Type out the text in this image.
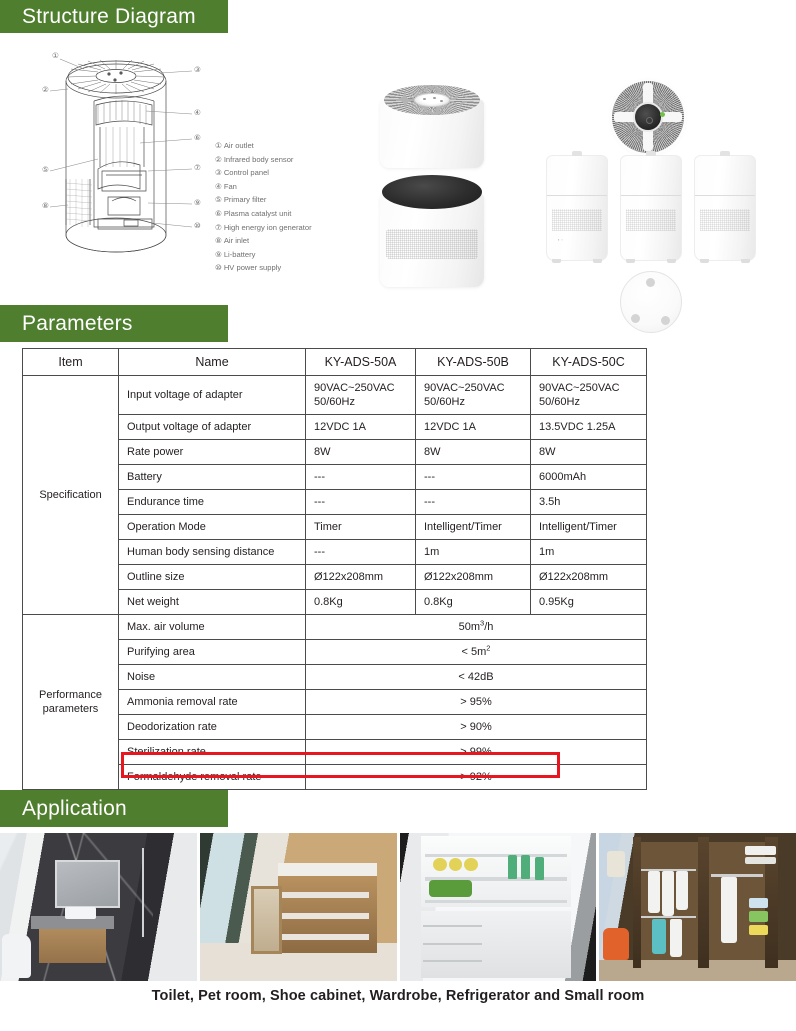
Structure Diagram
①
②
③
④
⑤
⑥
⑦
⑧	⑨
⑩
① Air outlet
② Infrared body sensor
③ Control panel
④ Fan
⑤ Primary filter
⑥ Plasma catalyst unit
⑦ High energy ion generator
⑧ Air inlet
⑨ Li-battery
⑩ HV power supply
▪ ▫
Parameters
Item	Name	KY-ADS-50A	KY-ADS-50B	KY-ADS-50C
Specification	Input voltage of adapter	90VAC~250VAC 50/60Hz	90VAC~250VAC 50/60Hz	90VAC~250VAC 50/60Hz
	Output voltage of adapter	12VDC 1A	12VDC 1A	13.5VDC 1.25A
	Rate power	8W	8W	8W
	Battery	---	---	6000mAh
	Endurance time	---	---	3.5h
	Operation Mode	Timer	Intelligent/Timer	Intelligent/Timer
	Human body sensing distance	---	1m	1m
	Outline size	Ø122x208mm	Ø122x208mm	Ø122x208mm
	Net weight	0.8Kg	0.8Kg	0.95Kg
Performance parameters	Max. air volume	$50m^3/h$		
	Purifying area	< $5m^2$
	Noise	< 42dB		
	Ammonia removal rate	> 95%		
	Deodorization rate	> 90%		
	Sterilization rate	> 99%		
	Formaldehyde removal rate	> 92%		
Application
Toilet, Pet room, Shoe cabinet, Wardrobe, Refrigerator and Small room
